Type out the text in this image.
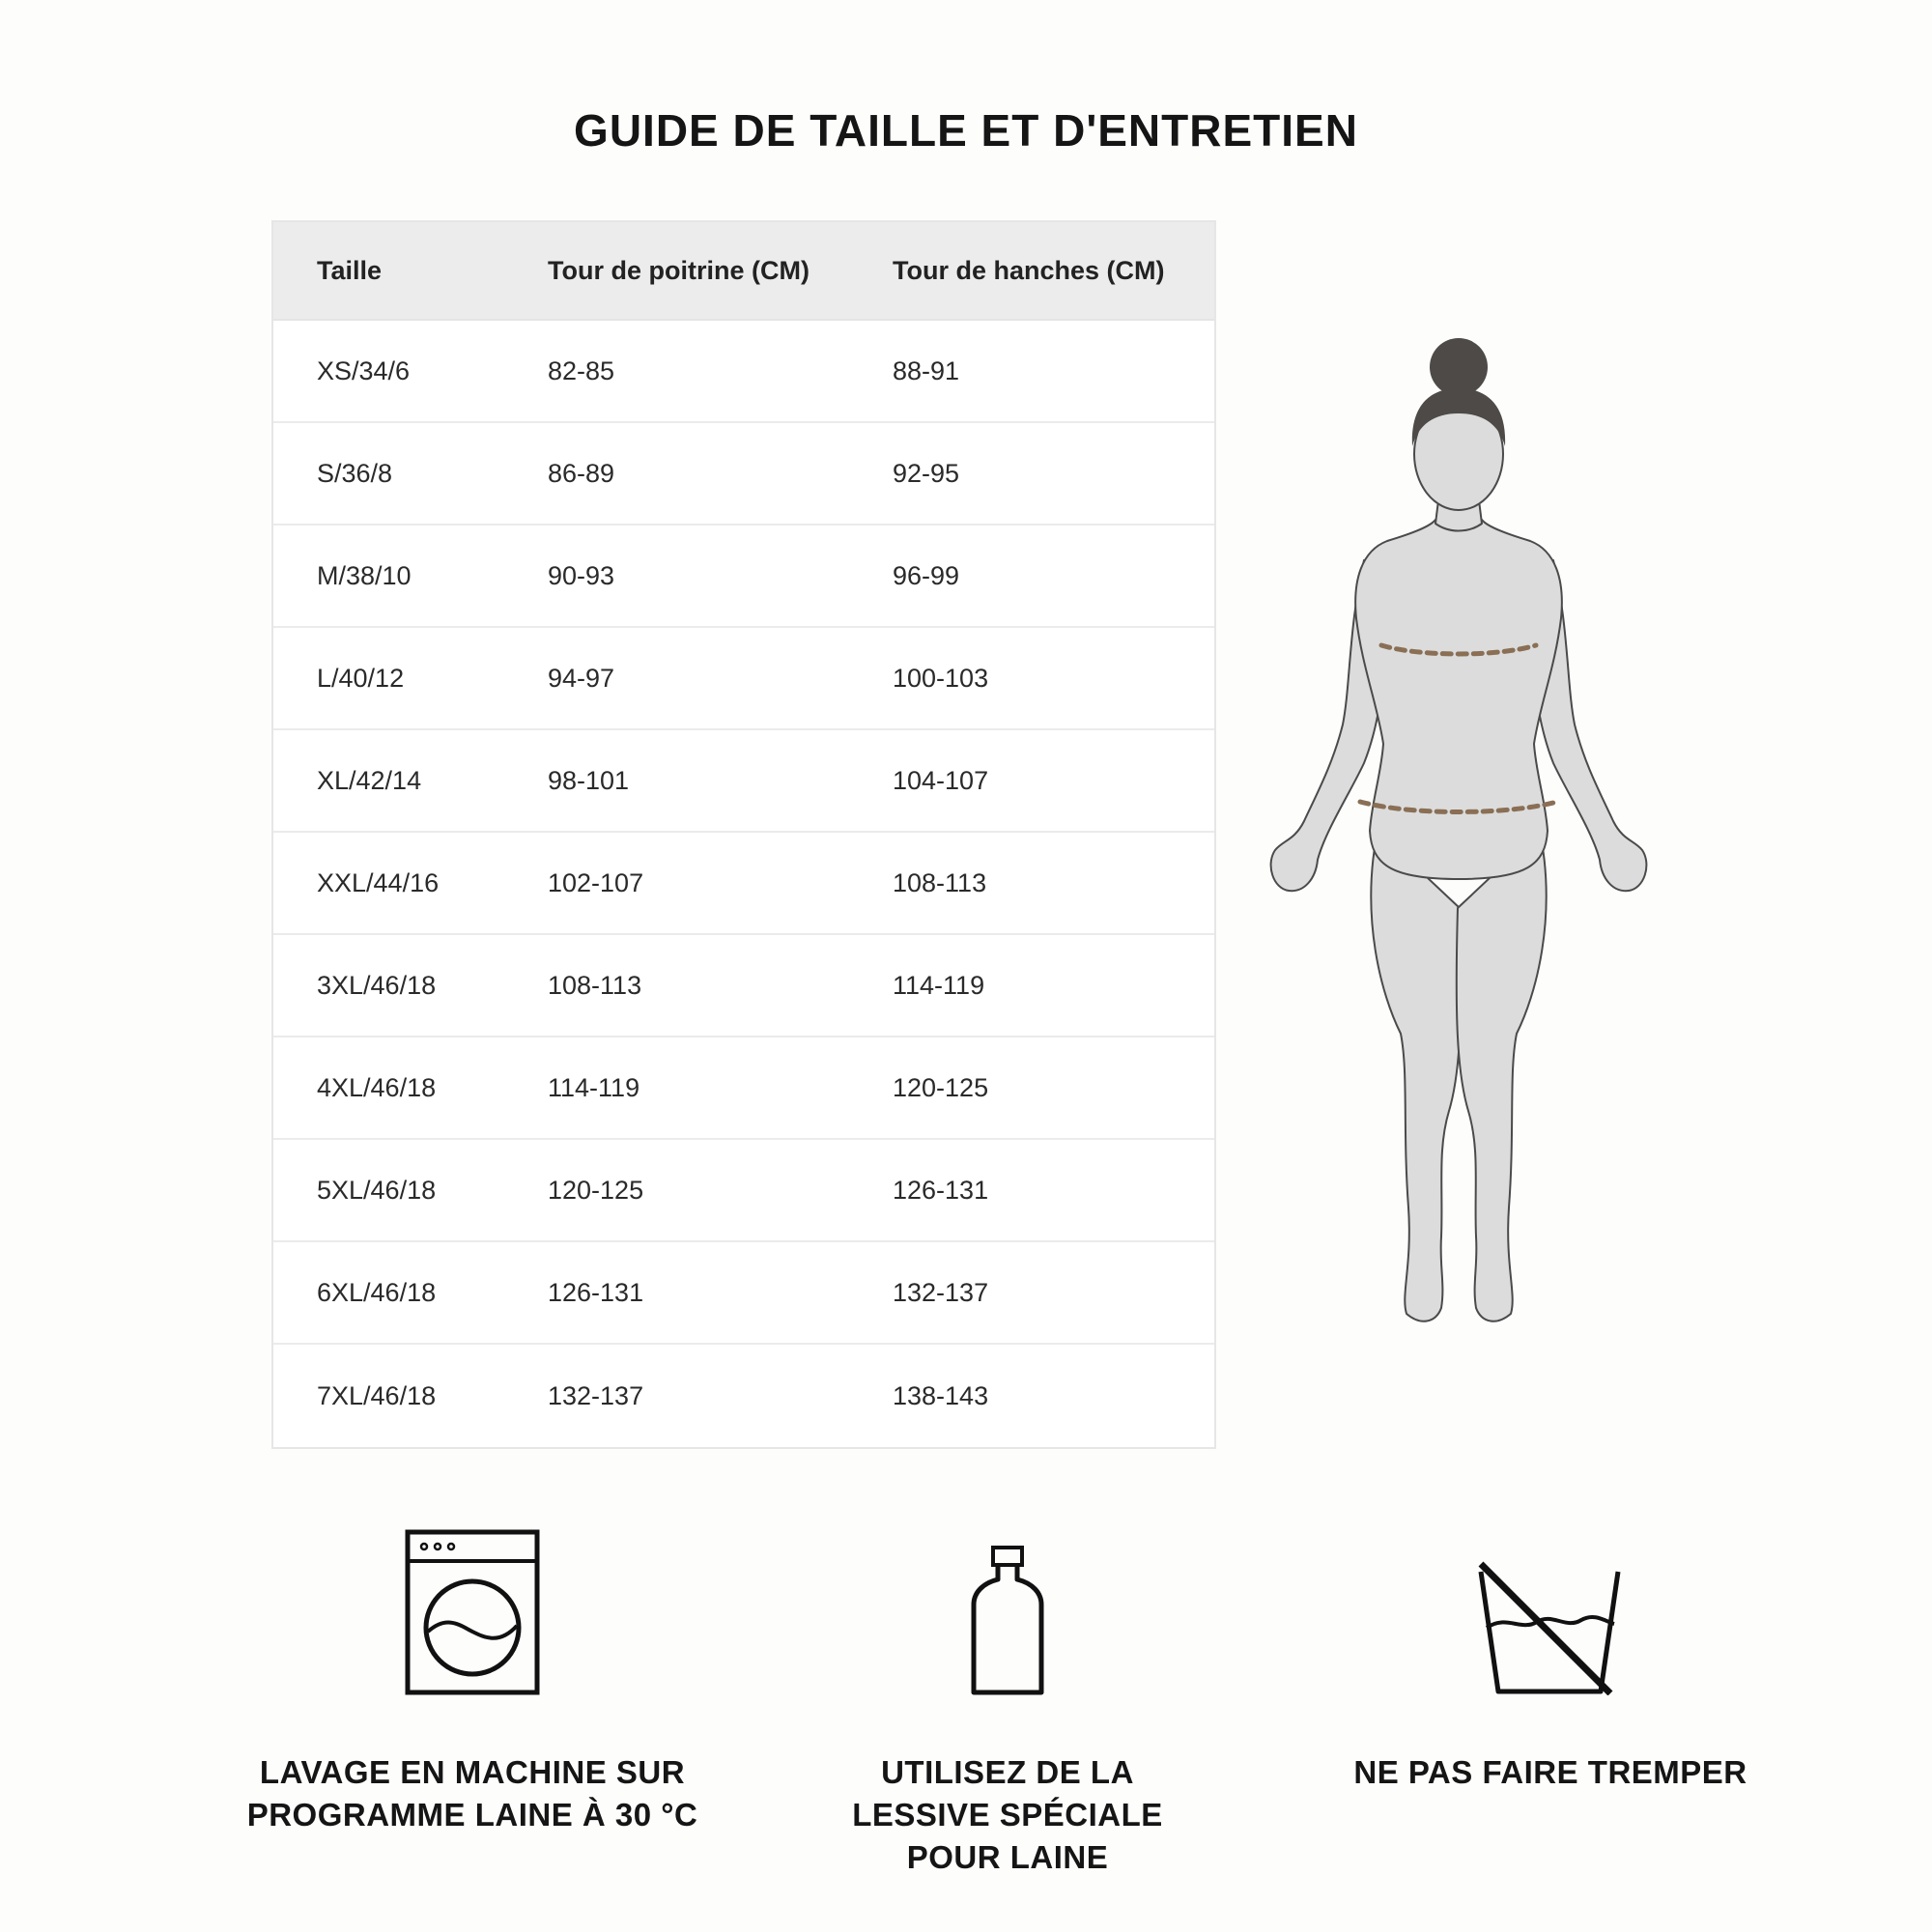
GUIDE DE TAILLE ET D'ENTRETIEN
Taille	Tour de poitrine (CM)	Tour de hanches (CM)
XS/34/6	82-85	88-91
S/36/8	86-89	92-95
M/38/10	90-93	96-99
L/40/12	94-97	100-103
XL/42/14	98-101	104-107
XXL/44/16	102-107	108-113
3XL/46/18	108-113	114-119
4XL/46/18	114-119	120-125
5XL/46/18	120-125	126-131
6XL/46/18	126-131	132-137
7XL/46/18	132-137	138-143
LAVAGE EN MACHINE SUR
PROGRAMME LAINE À 30 °C
UTILISEZ DE LA
LESSIVE SPÉCIALE
POUR LAINE
NE PAS FAIRE TREMPER
